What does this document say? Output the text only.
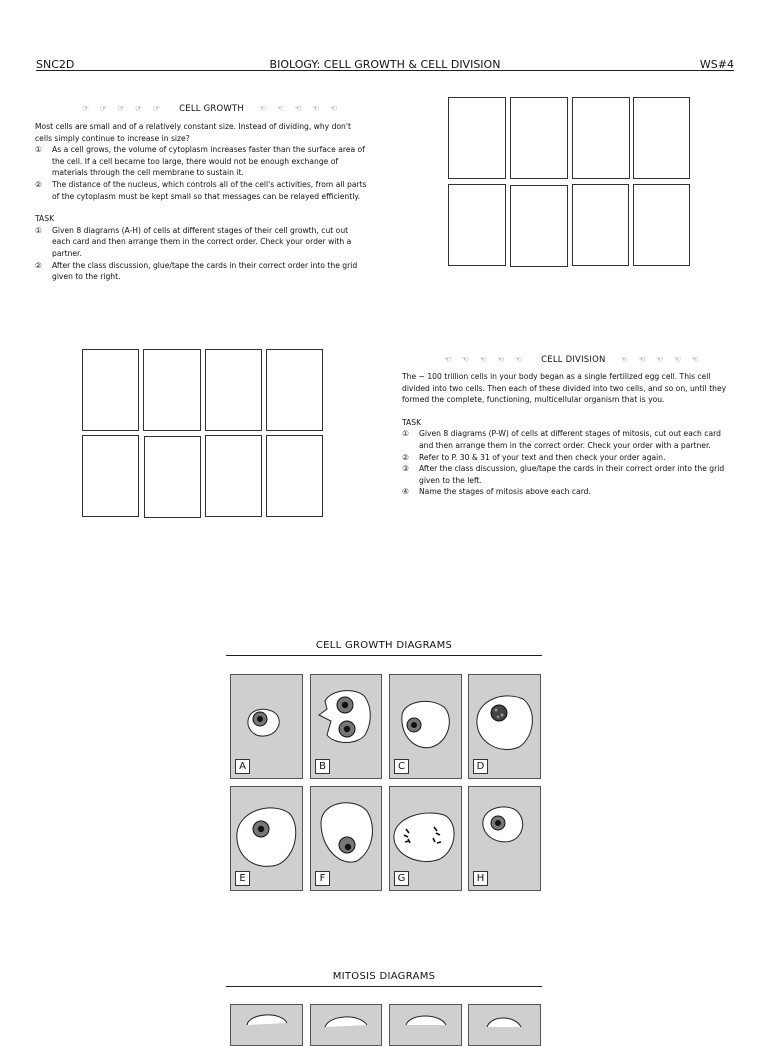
SNC2D	BIOLOGY: CELL GROWTH & CELL DIVISION	WS#4
☞ ☞ ☞ ☞ ☞ CELL GROWTH ☜ ☜ ☜ ☜ ☜

Most cells are small and of a relatively constant size. Instead of dividing, why don't cells simply continue to increase in size?

① As a cell grows, the volume of cytoplasm increases faster than the surface area of the cell. If a cell became too large, there would not be enough exchange of materials through the cell membrane to sustain it.
② The distance of the nucleus, which controls all of the cell's activities, from all parts of the cytoplasm must be kept small so that messages can be relayed efficiently.

TASK

① Given 8 diagrams (A-H) of cells at different stages of their cell growth, cut out each card and then arrange them in the correct order. Check your order with a partner.
② After the class discussion, glue/tape the cards in their correct order into the grid given to the right.
☜ ☜ ☜ ☜ ☜ CELL DIVISION ☜ ☜ ☜ ☜ ☜

The ~ 100 trillion cells in your body began as a single fertilized egg cell. This cell divided into two cells. Then each of these divided into two cells, and so on, until they formed the complete, functioning, multicellular organism that is you.

TASK

① Given 8 diagrams (P-W) of cells at different stages of mitosis, cut out each card and then arrange them in the correct order. Check your order with a partner.
② Refer to P. 30 & 31 of your text and then check your order again.
③ After the class discussion, glue/tape the cards in their correct order into the grid given to the left.
④ Name the stages of mitosis above each card.
CELL GROWTH DIAGRAMS
A	B	C	D
E	F	G	H
MITOSIS DIAGRAMS
